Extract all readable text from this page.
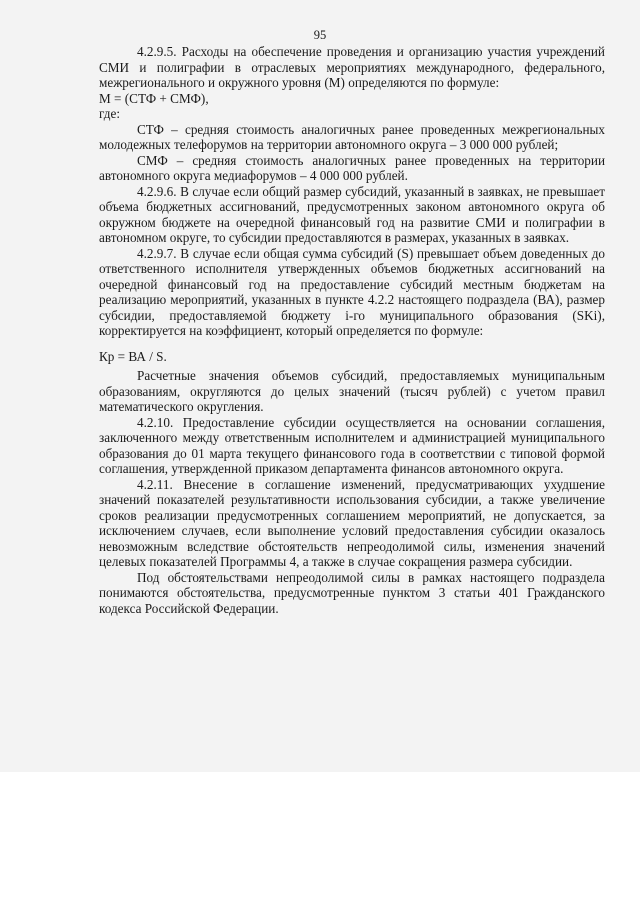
95

4.2.9.5. Расходы на обеспечение проведения и организацию участия учреждений СМИ и полиграфии в отраслевых мероприятиях международного, федерального, межрегионального и окружного уровня (М) определяются по формуле:

М = (СТФ + СМФ),

где:

СТФ – средняя стоимость аналогичных ранее проведенных межрегиональных молодежных телефорумов на территории автономного округа – 3 000 000 рублей;

СМФ – средняя стоимость аналогичных ранее проведенных на территории автономного округа медиафорумов – 4 000 000 рублей.

4.2.9.6. В случае если общий размер субсидий, указанный в заявках, не превышает объема бюджетных ассигнований, предусмотренных законом автономного округа об окружном бюджете на очередной финансовый год на развитие СМИ и полиграфии в автономном округе, то субсидии предоставляются в размерах, указанных в заявках.

4.2.9.7. В случае если общая сумма субсидий (S) превышает объем доведенных до ответственного исполнителя утвержденных объемов бюджетных ассигнований на очередной финансовый год на предоставление субсидий местным бюджетам на реализацию мероприятий, указанных в пункте 4.2.2 настоящего подраздела (ВА), размер субсидии, предоставляемой бюджету i-го муниципального образования (SKi), корректируется на коэффициент, который определяется по формуле:

Кр = ВА / S.

Расчетные значения объемов субсидий, предоставляемых муниципальным образованиям, округляются до целых значений (тысяч рублей) с учетом правил математического округления.

4.2.10. Предоставление субсидии осуществляется на основании соглашения, заключенного между ответственным исполнителем и администрацией муниципального образования до 01 марта текущего финансового года в соответствии с типовой формой соглашения, утвержденной приказом департамента финансов автономного округа.

4.2.11. Внесение в соглашение изменений, предусматривающих ухудшение значений показателей результативности использования субсидии, а также увеличение сроков реализации предусмотренных соглашением мероприятий, не допускается, за исключением случаев, если выполнение условий предоставления субсидии оказалось невозможным вследствие обстоятельств непреодолимой силы, изменения значений целевых показателей Программы 4, а также в случае сокращения размера субсидии.

Под обстоятельствами непреодолимой силы в рамках настоящего подраздела понимаются обстоятельства, предусмотренные пунктом 3 статьи 401 Гражданского кодекса Российской Федерации.
